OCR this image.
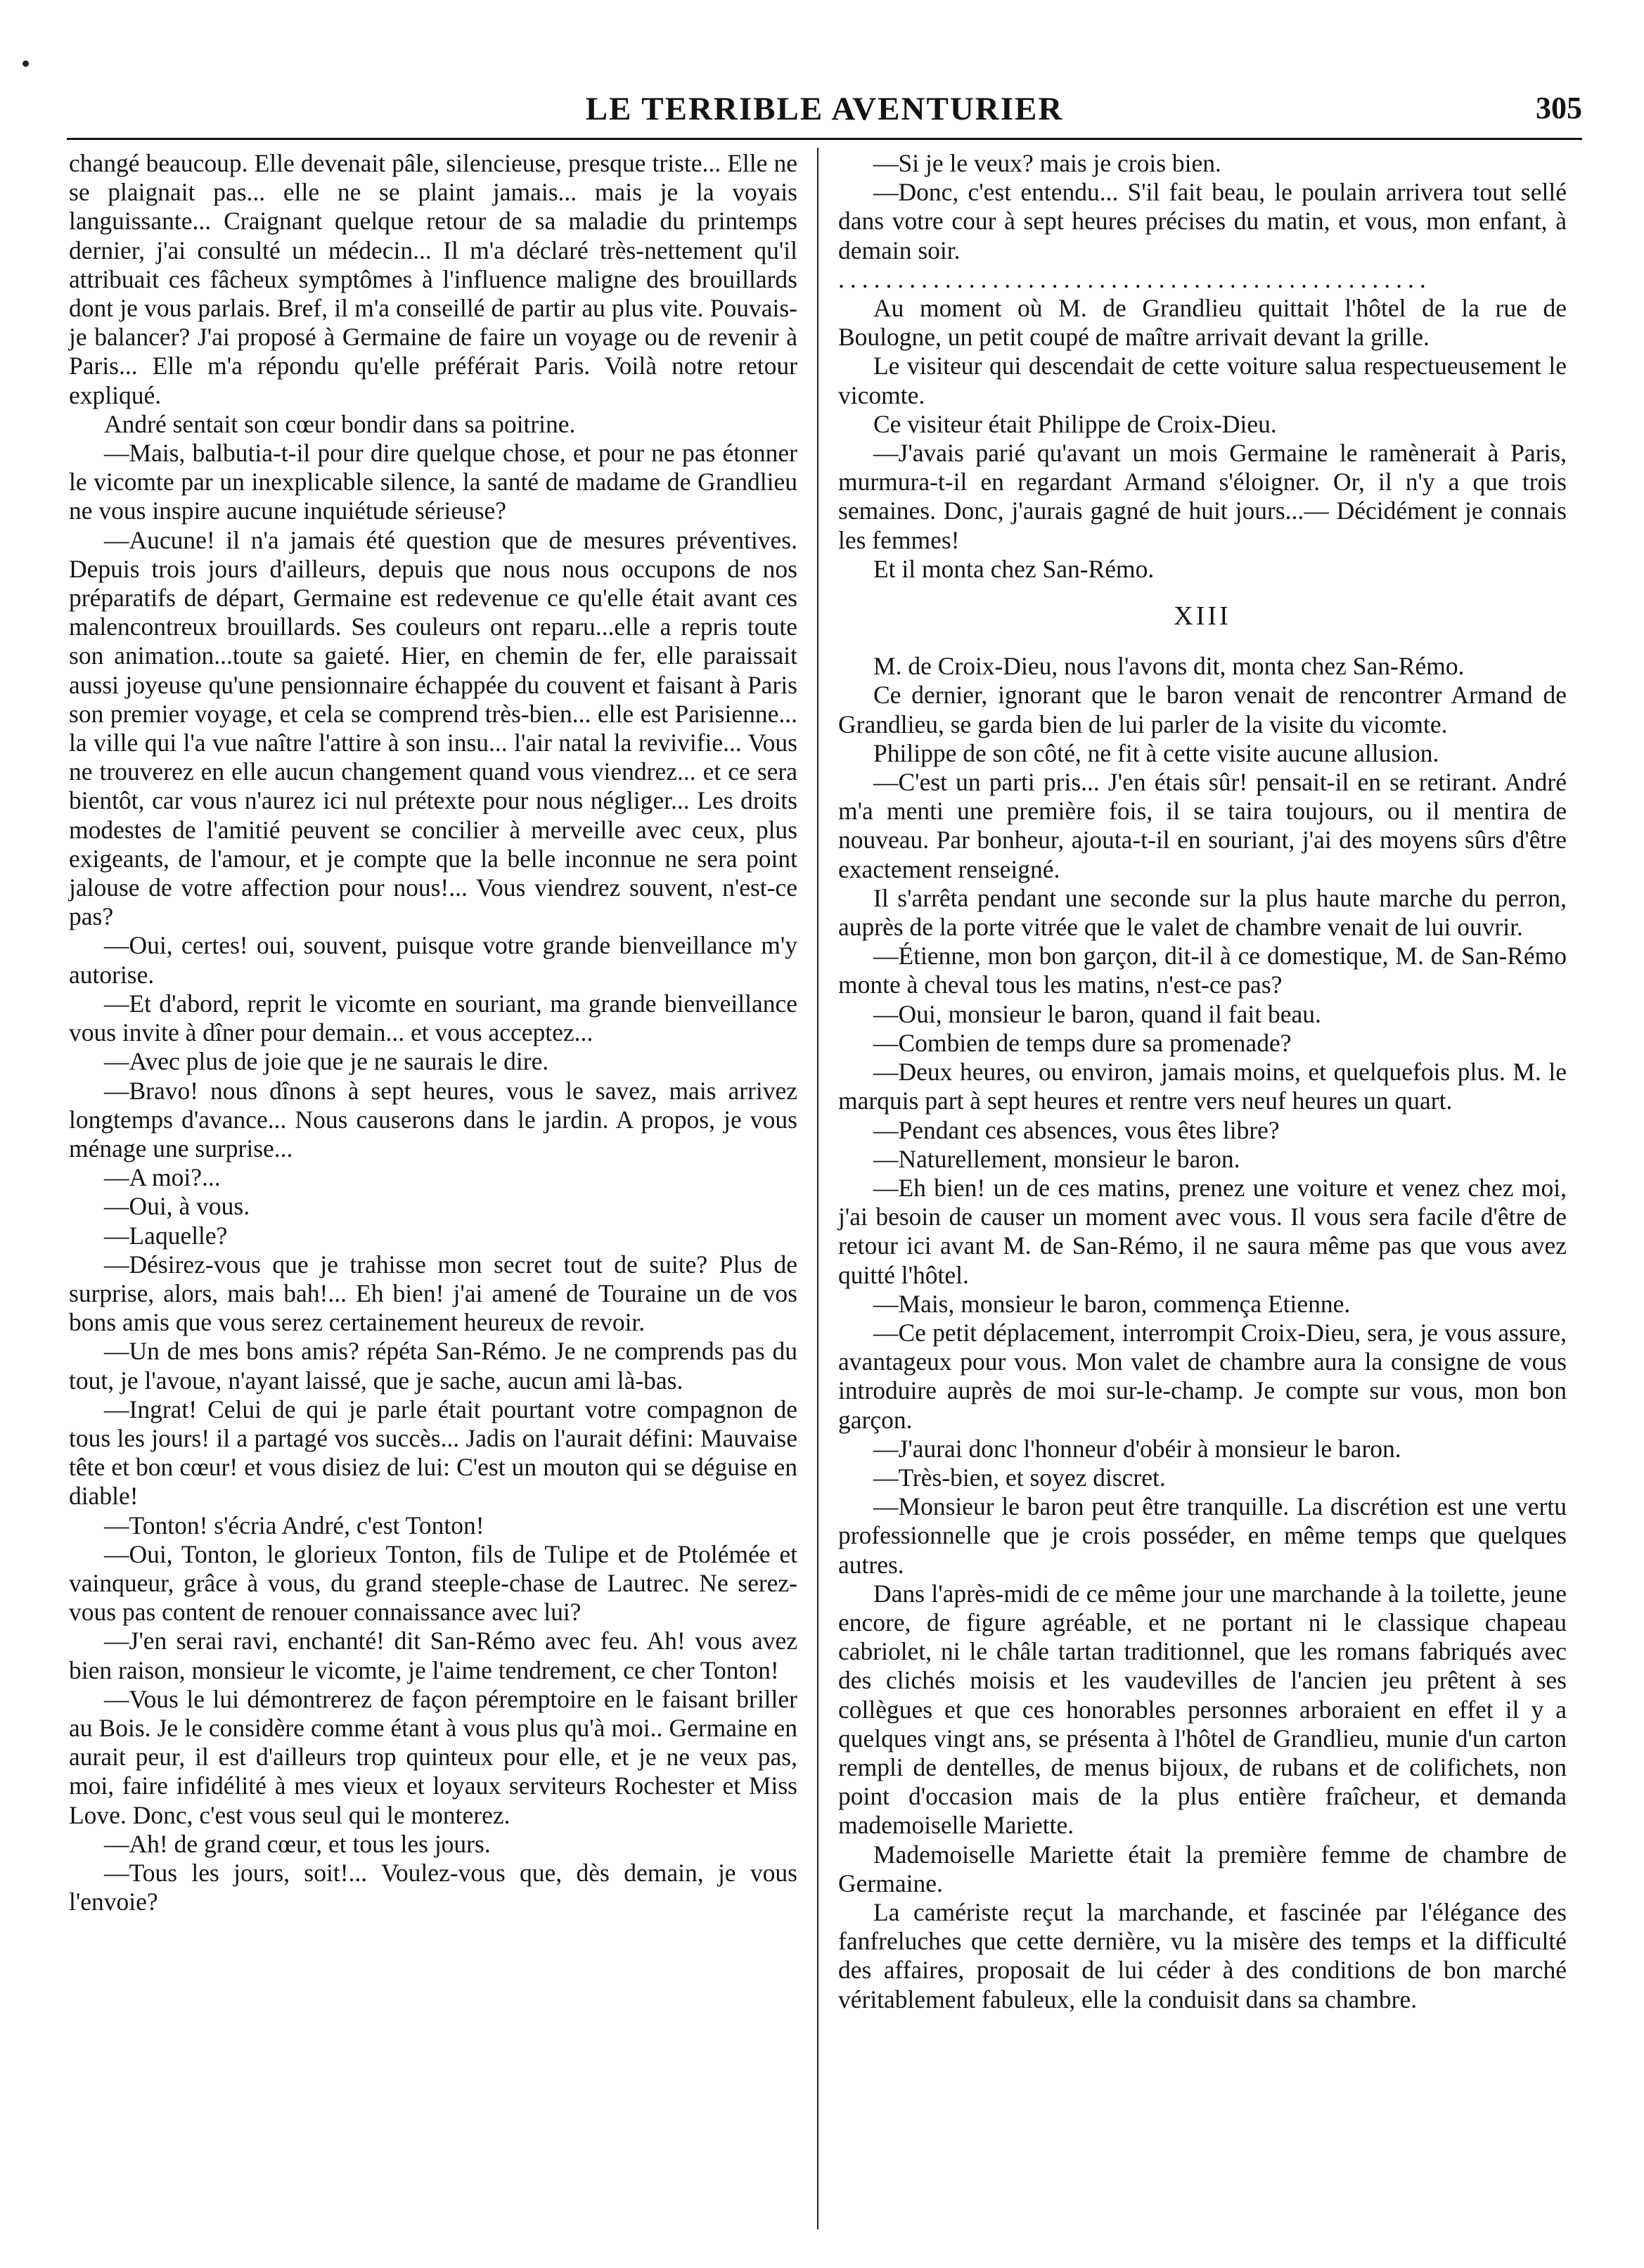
LE TERRIBLE AVENTURIER	305

changé beaucoup. Elle devenait pâle, silencieuse, presque triste... Elle ne se plaignait pas... elle ne se plaint jamais... mais je la voyais languissante... Craignant quelque retour de sa maladie du printemps dernier, j'ai consulté un médecin... Il m'a déclaré très-nettement qu'il attribuait ces fâcheux symptômes à l'influence maligne des brouillards dont je vous parlais. Bref, il m'a conseillé de partir au plus vite. Pouvais-je balancer? J'ai proposé à Germaine de faire un voyage ou de revenir à Paris... Elle m'a répondu qu'elle préférait Paris. Voilà notre retour expliqué.

André sentait son cœur bondir dans sa poitrine.

—Mais, balbutia-t-il pour dire quelque chose, et pour ne pas étonner le vicomte par un inexplicable silence, la santé de madame de Grandlieu ne vous inspire aucune inquiétude sérieuse?

—Aucune! il n'a jamais été question que de mesures préventives. Depuis trois jours d'ailleurs, depuis que nous nous occupons de nos préparatifs de départ, Germaine est redevenue ce qu'elle était avant ces malencontreux brouillards. Ses couleurs ont reparu...elle a repris toute son animation...toute sa gaieté. Hier, en chemin de fer, elle paraissait aussi joyeuse qu'une pensionnaire échappée du couvent et faisant à Paris son premier voyage, et cela se comprend très-bien... elle est Parisienne... la ville qui l'a vue naître l'attire à son insu... l'air natal la revivifie... Vous ne trouverez en elle aucun changement quand vous viendrez... et ce sera bientôt, car vous n'aurez ici nul prétexte pour nous négliger... Les droits modestes de l'amitié peuvent se concilier à merveille avec ceux, plus exigeants, de l'amour, et je compte que la belle inconnue ne sera point jalouse de votre affection pour nous!... Vous viendrez souvent, n'est-ce pas?

—Oui, certes! oui, souvent, puisque votre grande bienveillance m'y autorise.

—Et d'abord, reprit le vicomte en souriant, ma grande bienveillance vous invite à dîner pour demain... et vous acceptez...

—Avec plus de joie que je ne saurais le dire.

—Bravo! nous dînons à sept heures, vous le savez, mais arrivez longtemps d'avance... Nous causerons dans le jardin. A propos, je vous ménage une surprise...

—A moi?...

—Oui, à vous.

—Laquelle?

—Désirez-vous que je trahisse mon secret tout de suite? Plus de surprise, alors, mais bah!... Eh bien! j'ai amené de Touraine un de vos bons amis que vous serez certainement heureux de revoir.

—Un de mes bons amis? répéta San-Rémo. Je ne comprends pas du tout, je l'avoue, n'ayant laissé, que je sache, aucun ami là-bas.

—Ingrat! Celui de qui je parle était pourtant votre compagnon de tous les jours! il a partagé vos succès... Jadis on l'aurait défini: Mauvaise tête et bon cœur! et vous disiez de lui: C'est un mouton qui se déguise en diable!

—Tonton! s'écria André, c'est Tonton!

—Oui, Tonton, le glorieux Tonton, fils de Tulipe et de Ptolémée et vainqueur, grâce à vous, du grand steeple-chase de Lautrec. Ne serez-vous pas content de renouer connaissance avec lui?

—J'en serai ravi, enchanté! dit San-Rémo avec feu. Ah! vous avez bien raison, monsieur le vicomte, je l'aime tendrement, ce cher Tonton!

—Vous le lui démontrerez de façon péremptoire en le faisant briller au Bois. Je le considère comme étant à vous plus qu'à moi.. Germaine en aurait peur, il est d'ailleurs trop quinteux pour elle, et je ne veux pas, moi, faire infidélité à mes vieux et loyaux serviteurs Rochester et Miss Love. Donc, c'est vous seul qui le monterez.

—Ah! de grand cœur, et tous les jours.

—Tous les jours, soit!... Voulez-vous que, dès demain, je vous l'envoie?

—Si je le veux? mais je crois bien.

—Donc, c'est entendu... S'il fait beau, le poulain arrivera tout sellé dans votre cour à sept heures précises du matin, et vous, mon enfant, à demain soir.

..................................................

Au moment où M. de Grandlieu quittait l'hôtel de la rue de Boulogne, un petit coupé de maître arrivait devant la grille.

Le visiteur qui descendait de cette voiture salua respectueusement le vicomte.

Ce visiteur était Philippe de Croix-Dieu.

—J'avais parié qu'avant un mois Germaine le ramènerait à Paris, murmura-t-il en regardant Armand s'éloigner. Or, il n'y a que trois semaines. Donc, j'aurais gagné de huit jours...— Décidément je connais les femmes!

Et il monta chez San-Rémo.

XIII

M. de Croix-Dieu, nous l'avons dit, monta chez San-Rémo.

Ce dernier, ignorant que le baron venait de rencontrer Armand de Grandlieu, se garda bien de lui parler de la visite du vicomte.

Philippe de son côté, ne fit à cette visite aucune allusion.

—C'est un parti pris... J'en étais sûr! pensait-il en se retirant. André m'a menti une première fois, il se taira toujours, ou il mentira de nouveau. Par bonheur, ajouta-t-il en souriant, j'ai des moyens sûrs d'être exactement renseigné.

Il s'arrêta pendant une seconde sur la plus haute marche du perron, auprès de la porte vitrée que le valet de chambre venait de lui ouvrir.

—Étienne, mon bon garçon, dit-il à ce domestique, M. de San-Rémo monte à cheval tous les matins, n'est-ce pas?

—Oui, monsieur le baron, quand il fait beau.

—Combien de temps dure sa promenade?

—Deux heures, ou environ, jamais moins, et quelquefois plus. M. le marquis part à sept heures et rentre vers neuf heures un quart.

—Pendant ces absences, vous êtes libre?

—Naturellement, monsieur le baron.

—Eh bien! un de ces matins, prenez une voiture et venez chez moi, j'ai besoin de causer un moment avec vous. Il vous sera facile d'être de retour ici avant M. de San-Rémo, il ne saura même pas que vous avez quitté l'hôtel.

—Mais, monsieur le baron, commença Etienne.

—Ce petit déplacement, interrompit Croix-Dieu, sera, je vous assure, avantageux pour vous. Mon valet de chambre aura la consigne de vous introduire auprès de moi sur-le-champ. Je compte sur vous, mon bon garçon.

—J'aurai donc l'honneur d'obéir à monsieur le baron.

—Très-bien, et soyez discret.

—Monsieur le baron peut être tranquille. La discrétion est une vertu professionnelle que je crois posséder, en même temps que quelques autres.

Dans l'après-midi de ce même jour une marchande à la toilette, jeune encore, de figure agréable, et ne portant ni le classique chapeau cabriolet, ni le châle tartan traditionnel, que les romans fabriqués avec des clichés moisis et les vaudevilles de l'ancien jeu prêtent à ses collègues et que ces honorables personnes arboraient en effet il y a quelques vingt ans, se présenta à l'hôtel de Grandlieu, munie d'un carton rempli de dentelles, de menus bijoux, de rubans et de colifichets, non point d'occasion mais de la plus entière fraîcheur, et demanda mademoiselle Mariette.

Mademoiselle Mariette était la première femme de chambre de Germaine.

La camériste reçut la marchande, et fascinée par l'élégance des fanfreluches que cette dernière, vu la misère des temps et la difficulté des affaires, proposait de lui céder à des conditions de bon marché véritablement fabuleux, elle la conduisit dans sa chambre.
